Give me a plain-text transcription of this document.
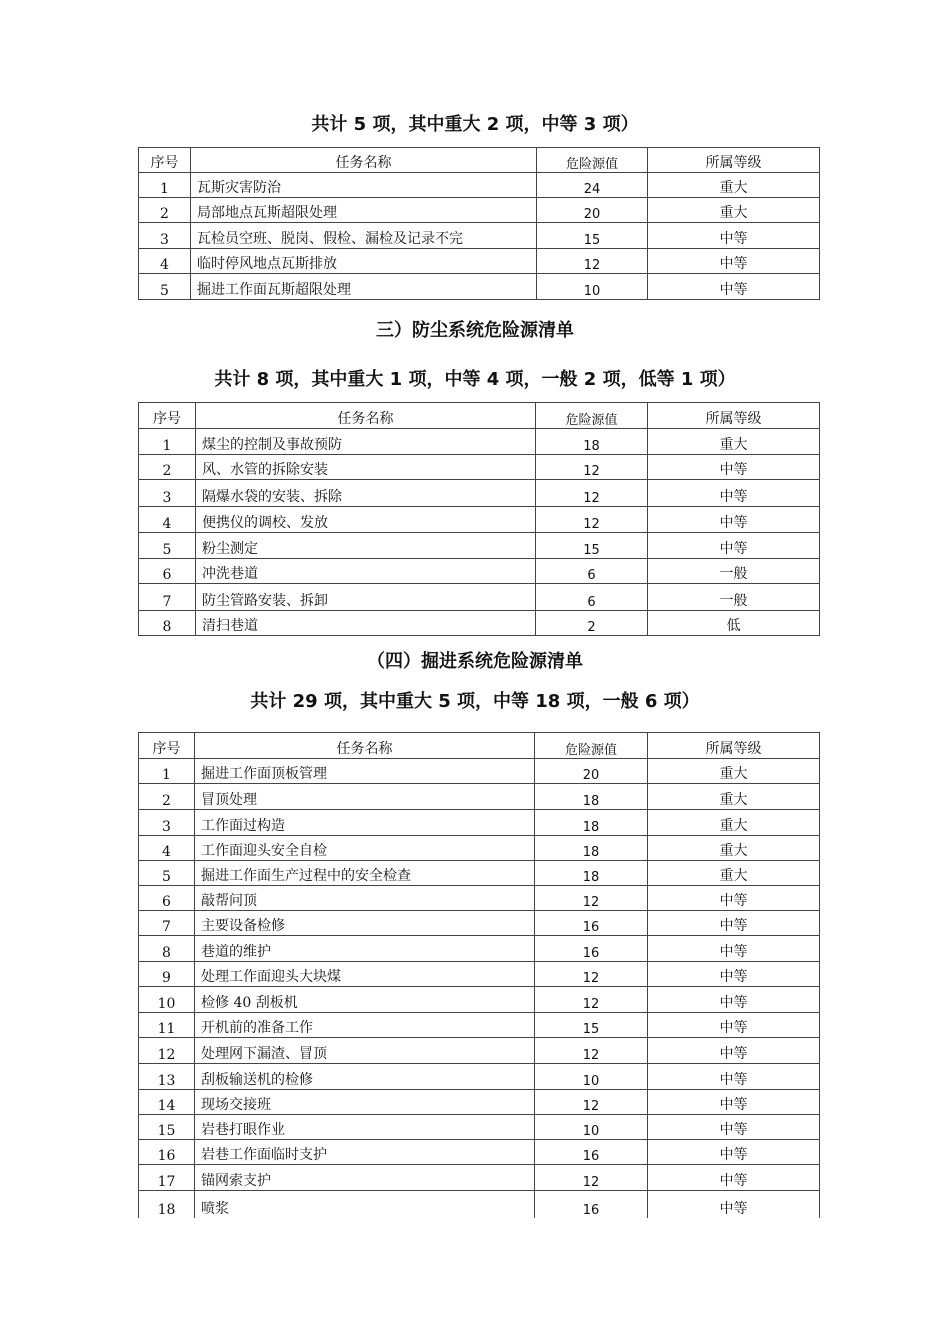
共计 5 项，其中重大 2 项，中等 3 项）
序号	任务名称	危险源值	所属等级
1	瓦斯灾害防治	24	重大
2	局部地点瓦斯超限处理	20	重大
3	瓦检员空班、脱岗、假检、漏检及记录不完	15	中等
4	临时停风地点瓦斯排放	12	中等
5	掘进工作面瓦斯超限处理	10	中等
三）防尘系统危险源清单
共计 8 项，其中重大 1 项，中等 4 项，一般 2 项，低等 1 项）
序号	任务名称	危险源值	所属等级
1	煤尘的控制及事故预防	18	重大
2	风、水管的拆除安装	12	中等
3	隔爆水袋的安装、拆除	12	中等
4	便携仪的调校、发放	12	中等
5	粉尘测定	15	中等
6	冲洗巷道	6	一般
7	防尘管路安装、拆卸	6	一般
8	清扫巷道	2	低
（四）掘进系统危险源清单
共计 29 项，其中重大 5 项，中等 18 项，一般 6 项）
序号	任务名称	危险源值	所属等级
1	掘进工作面顶板管理	20	重大
2	冒顶处理	18	重大
3	工作面过构造	18	重大
4	工作面迎头安全自检	18	重大
5	掘进工作面生产过程中的安全检查	18	重大
6	敲帮问顶	12	中等
7	主要设备检修	16	中等
8	巷道的维护	16	中等
9	处理工作面迎头大块煤	12	中等
10	检修 40 刮板机	12	中等
11	开机前的准备工作	15	中等
12	处理网下漏渣、冒顶	12	中等
13	刮板输送机的检修	10	中等
14	现场交接班	12	中等
15	岩巷打眼作业	10	中等
16	岩巷工作面临时支护	16	中等
17	锚网索支护	12	中等
18	喷浆	16	中等
